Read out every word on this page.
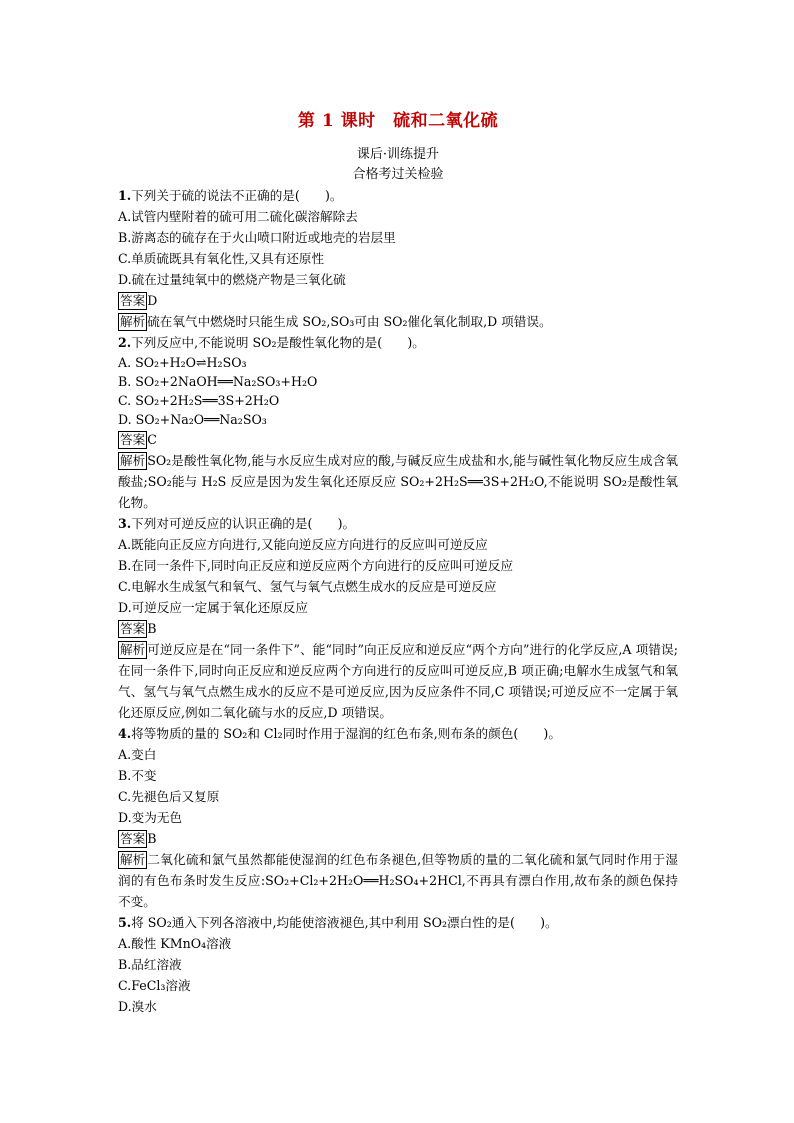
第 1 课时　硫和二氧化硫
课后·训练提升
合格考过关检验
1.下列关于硫的说法不正确的是(　　)。
A.试管内壁附着的硫可用二硫化碳溶解除去
B.游离态的硫存在于火山喷口附近或地壳的岩层里
C.单质硫既具有氧化性,又具有还原性
D.硫在过量纯氧中的燃烧产物是三氧化硫
答案 D
解析 硫在氧气中燃烧时只能生成 SO₂,SO₃可由 SO₂催化氧化制取,D 项错误。
2.下列反应中,不能说明 SO₂是酸性氧化物的是(　　)。
A. SO₂+H₂O⇌H₂SO₃
B. SO₂+2NaOH══Na₂SO₃+H₂O
C. SO₂+2H₂S══3S+2H₂O
D. SO₂+Na₂O══Na₂SO₃
答案 C
解析 SO₂是酸性氧化物,能与水反应生成对应的酸,与碱反应生成盐和水,能与碱性氧化物反应生成含氧酸盐;SO₂能与 H₂S 反应是因为发生氧化还原反应 SO₂+2H₂S══3S+2H₂O,不能说明 SO₂是酸性氧化物。
3.下列对可逆反应的认识正确的是(　　)。
A.既能向正反应方向进行,又能向逆反应方向进行的反应叫可逆反应
B.在同一条件下,同时向正反应和逆反应两个方向进行的反应叫可逆反应
C.电解水生成氢气和氧气、氢气与氧气点燃生成水的反应是可逆反应
D.可逆反应一定属于氧化还原反应
答案 B
解析 可逆反应是在“同一条件下”、能“同时”向正反应和逆反应“两个方向”进行的化学反应,A 项错误;在同一条件下,同时向正反应和逆反应两个方向进行的反应叫可逆反应,B 项正确;电解水生成氢气和氧气、氢气与氧气点燃生成水的反应不是可逆反应,因为反应条件不同,C 项错误;可逆反应不一定属于氧化还原反应,例如二氧化硫与水的反应,D 项错误。
4.将等物质的量的 SO₂和 Cl₂同时作用于湿润的红色布条,则布条的颜色(　　)。
A.变白
B.不变
C.先褪色后又复原
D.变为无色
答案 B
解析 二氧化硫和氯气虽然都能使湿润的红色布条褪色,但等物质的量的二氧化硫和氯气同时作用于湿润的有色布条时发生反应:SO₂+Cl₂+2H₂O══H₂SO₄+2HCl,不再具有漂白作用,故布条的颜色保持不变。
5.将 SO₂通入下列各溶液中,均能使溶液褪色,其中利用 SO₂漂白性的是(　　)。
A.酸性 KMnO₄溶液
B.品红溶液
C.FeCl₃溶液
D.溴水
